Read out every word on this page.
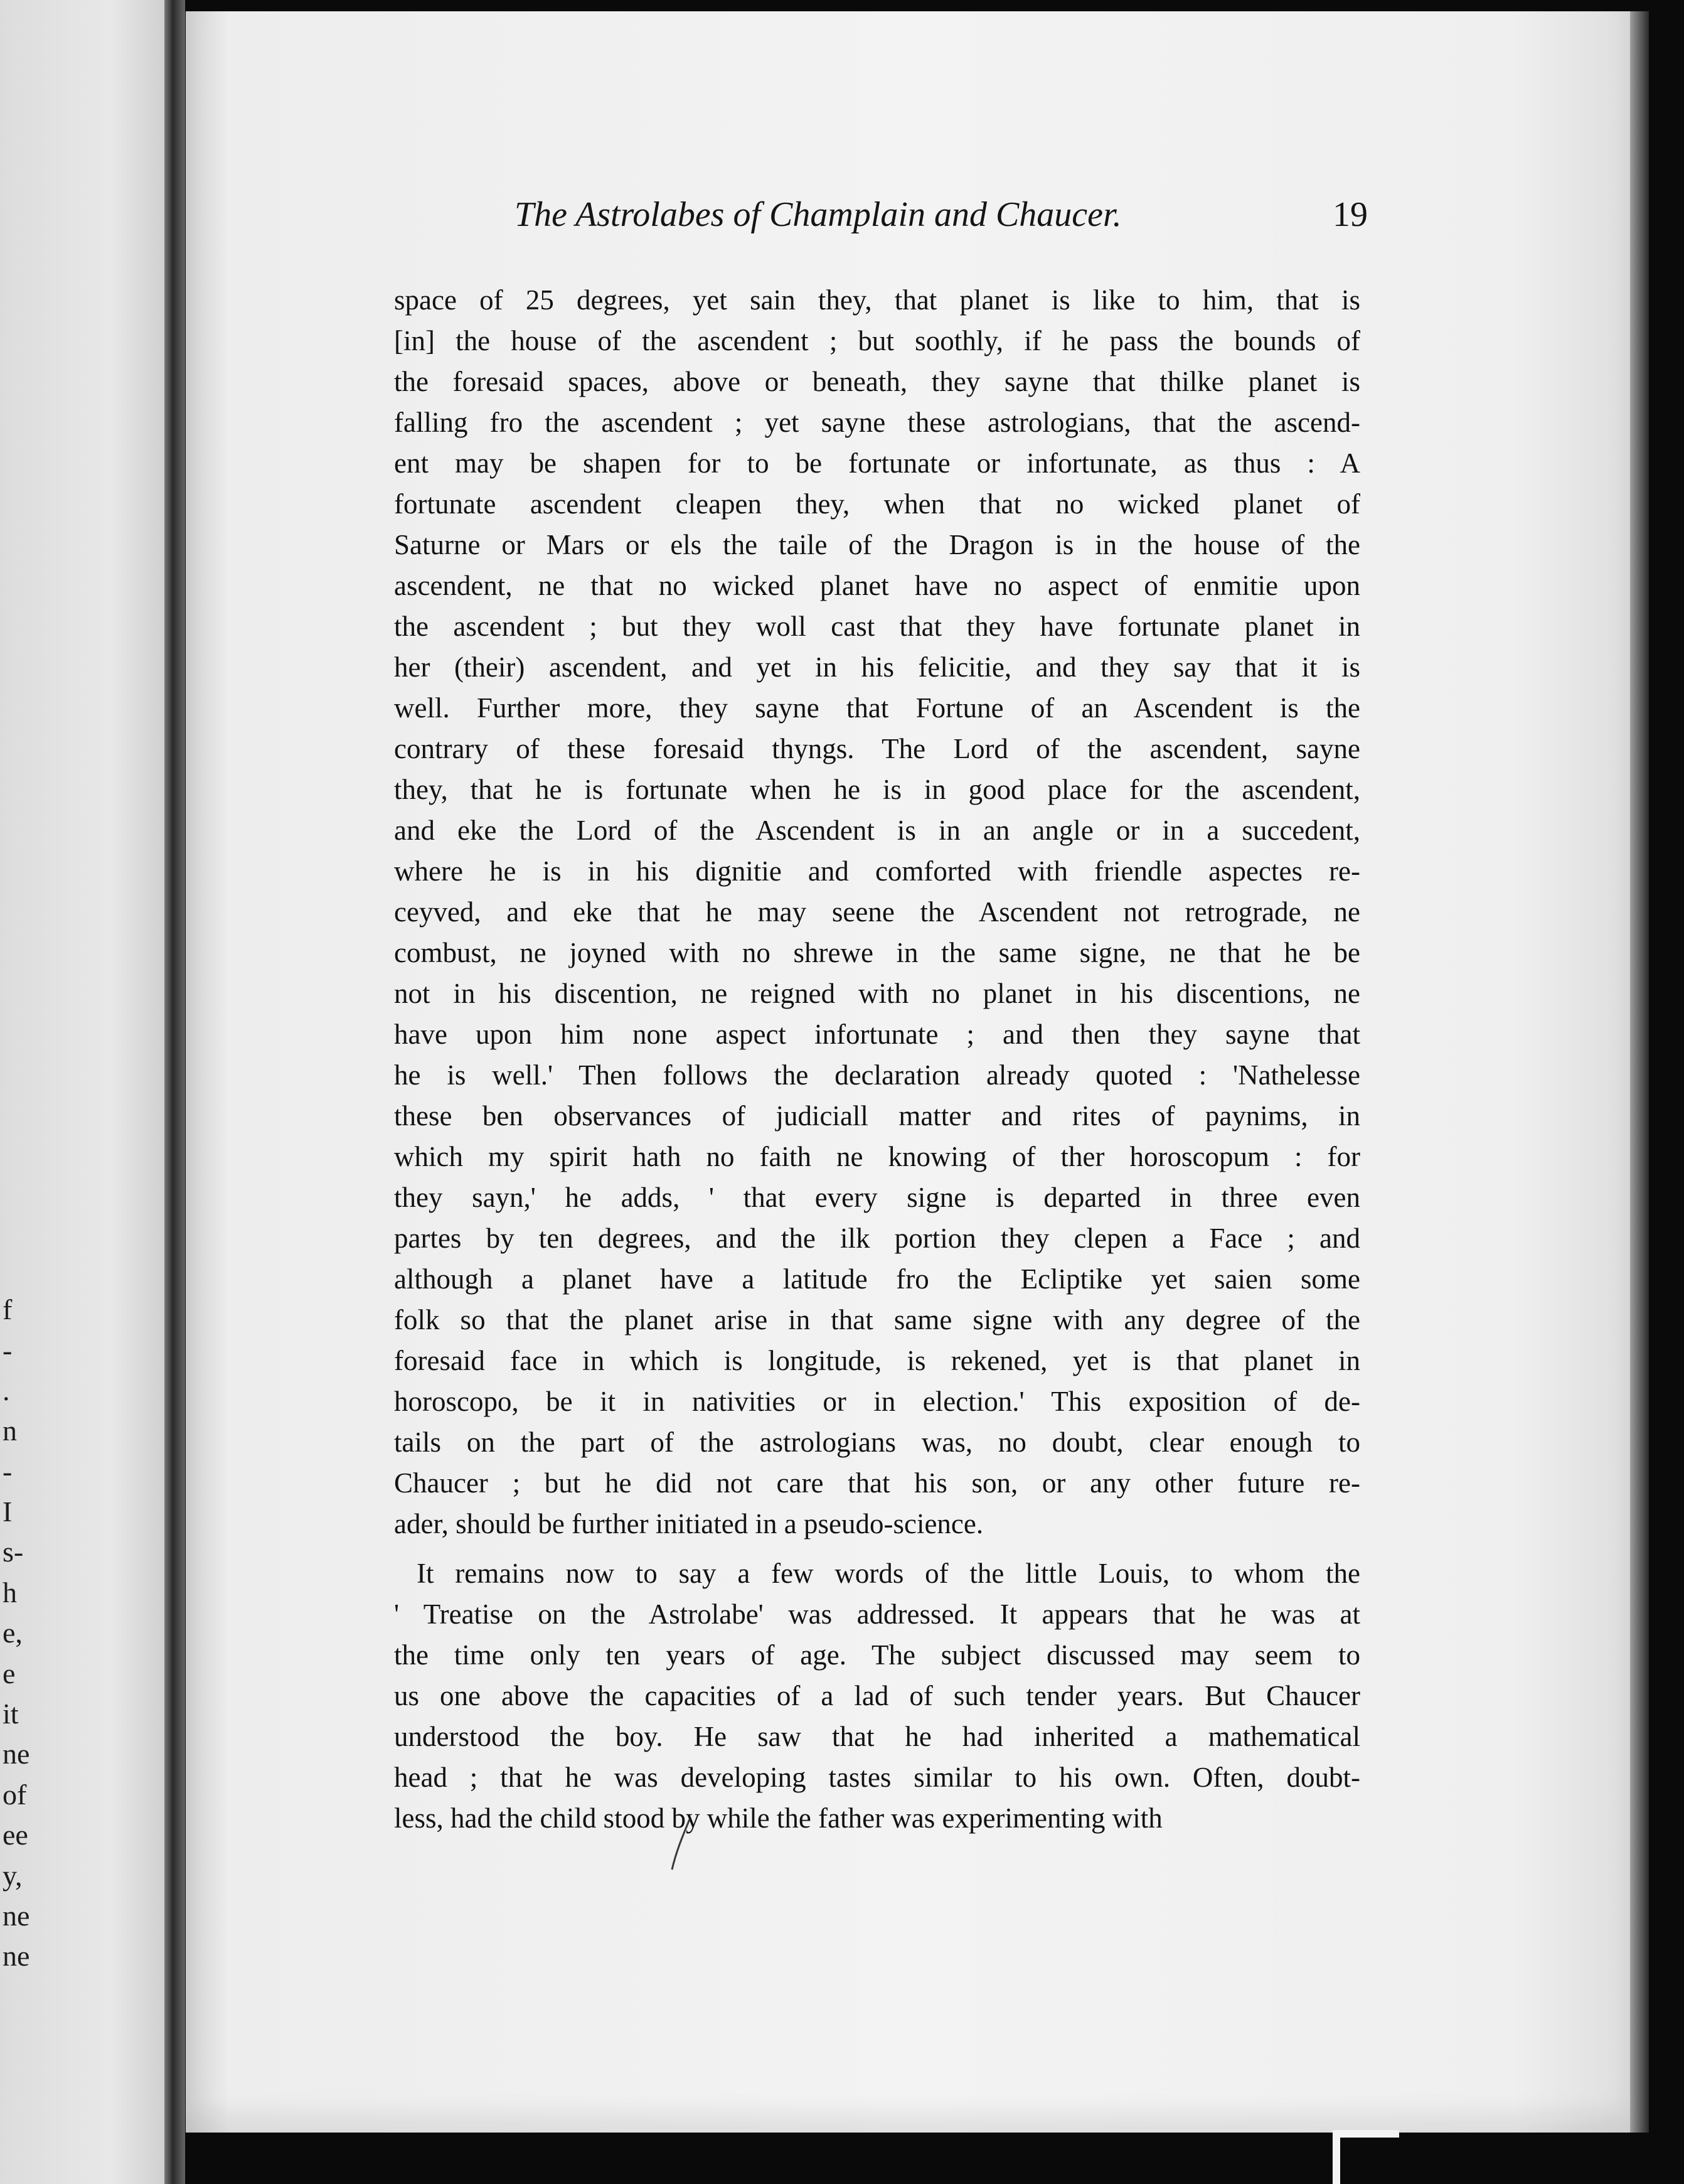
f
-
.
n
-
I
s-
h
e,
e
it
ne
of
ee
y,
ne
ne
The Astrolabes of Champlain and Chaucer.	19
space of 25 degrees, yet sain they, that planet is like to him, that is
[in] the house of the ascendent ; but soothly, if he pass the bounds of
the foresaid spaces, above or beneath, they sayne that thilke planet is
falling fro the ascendent ; yet sayne these astrologians, that the ascend-
ent may be shapen for to be fortunate or infortunate, as thus : A
fortunate ascendent cleapen they, when that no wicked planet of
Saturne or Mars or els the taile of the Dragon is in the house of the
ascendent, ne that no wicked planet have no aspect of enmitie upon
the ascendent ; but they woll cast that they have fortunate planet in
her (their) ascendent, and yet in his felicitie, and they say that it is
well. Further more, they sayne that Fortune of an Ascendent is the
contrary of these foresaid thyngs. The Lord of the ascendent, sayne
they, that he is fortunate when he is in good place for the ascendent,
and eke the Lord of the Ascendent is in an angle or in a succedent,
where he is in his dignitie and comforted with friendle aspectes re-
ceyved, and eke that he may seene the Ascendent not retrograde, ne
combust, ne joyned with no shrewe in the same signe, ne that he be
not in his discention, ne reigned with no planet in his discentions, ne
have upon him none aspect infortunate ; and then they sayne that
he is well.' Then follows the declaration already quoted : 'Nathelesse
these ben observances of judiciall matter and rites of paynims, in
which my spirit hath no faith ne knowing of ther horoscopum : for
they sayn,' he adds, ' that every signe is departed in three even
partes by ten degrees, and the ilk portion they clepen a Face ; and
although a planet have a latitude fro the Ecliptike yet saien some
folk so that the planet arise in that same signe with any degree of the
foresaid face in which is longitude, is rekened, yet is that planet in
horoscopo, be it in nativities or in election.' This exposition of de-
tails on the part of the astrologians was, no doubt, clear enough to
Chaucer ; but he did not care that his son, or any other future re-
ader, should be further initiated in a pseudo-science.
It remains now to say a few words of the little Louis, to whom the
' Treatise on the Astrolabe' was addressed. It appears that he was at
the time only ten years of age. The subject discussed may seem to
us one above the capacities of a lad of such tender years. But Chaucer
understood the boy. He saw that he had inherited a mathematical
head ; that he was developing tastes similar to his own. Often, doubt-
less, had the child stood by while the father was experimenting with
